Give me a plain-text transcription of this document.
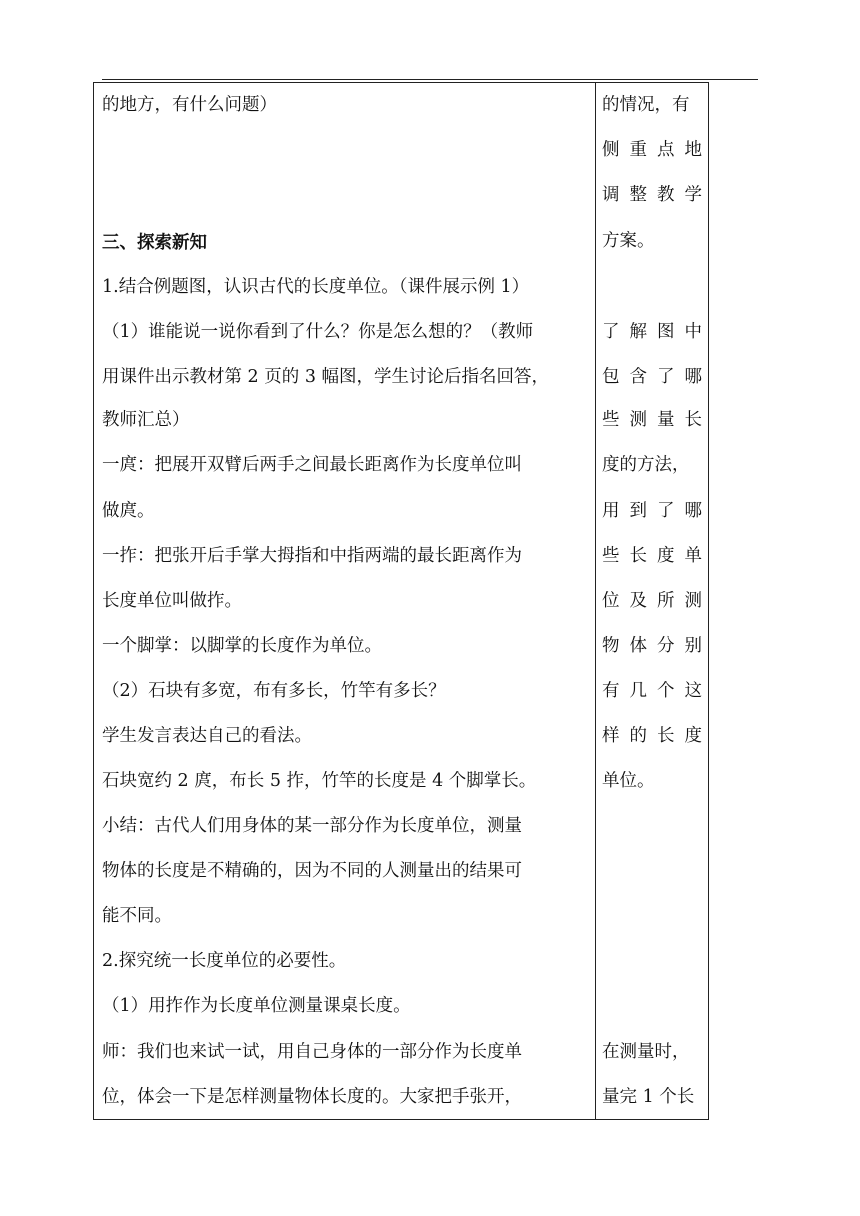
的地方，有什么问题）
三、探索新知
1.结合例题图，认识古代的长度单位。（课件展示例 1）
（1）谁能说一说你看到了什么？你是怎么想的？（教师
用课件出示教材第 2 页的 3 幅图，学生讨论后指名回答，
教师汇总）
一庹：把展开双臂后两手之间最长距离作为长度单位叫
做庹。
一拃：把张开后手掌大拇指和中指两端的最长距离作为
长度单位叫做拃。
一个脚掌：以脚掌的长度作为单位。
（2）石块有多宽，布有多长，竹竿有多长？
学生发言表达自己的看法。
石块宽约 2 庹，布长 5 拃，竹竿的长度是 4 个脚掌长。
小结：古代人们用身体的某一部分作为长度单位，测量
物体的长度是不精确的，因为不同的人测量出的结果可
能不同。
2.探究统一长度单位的必要性。
（1）用拃作为长度单位测量课桌长度。
师：我们也来试一试，用自己身体的一部分作为长度单
位，体会一下是怎样测量物体长度的。大家把手张开，
的情况，有
侧重点地
调整教学
方案。
了解图中
包含了哪
些测量长
度的方法，
用到了哪
些长度单
位及所测
物体分别
有几个这
样的长度
单位。
在测量时，
量完 1 个长
